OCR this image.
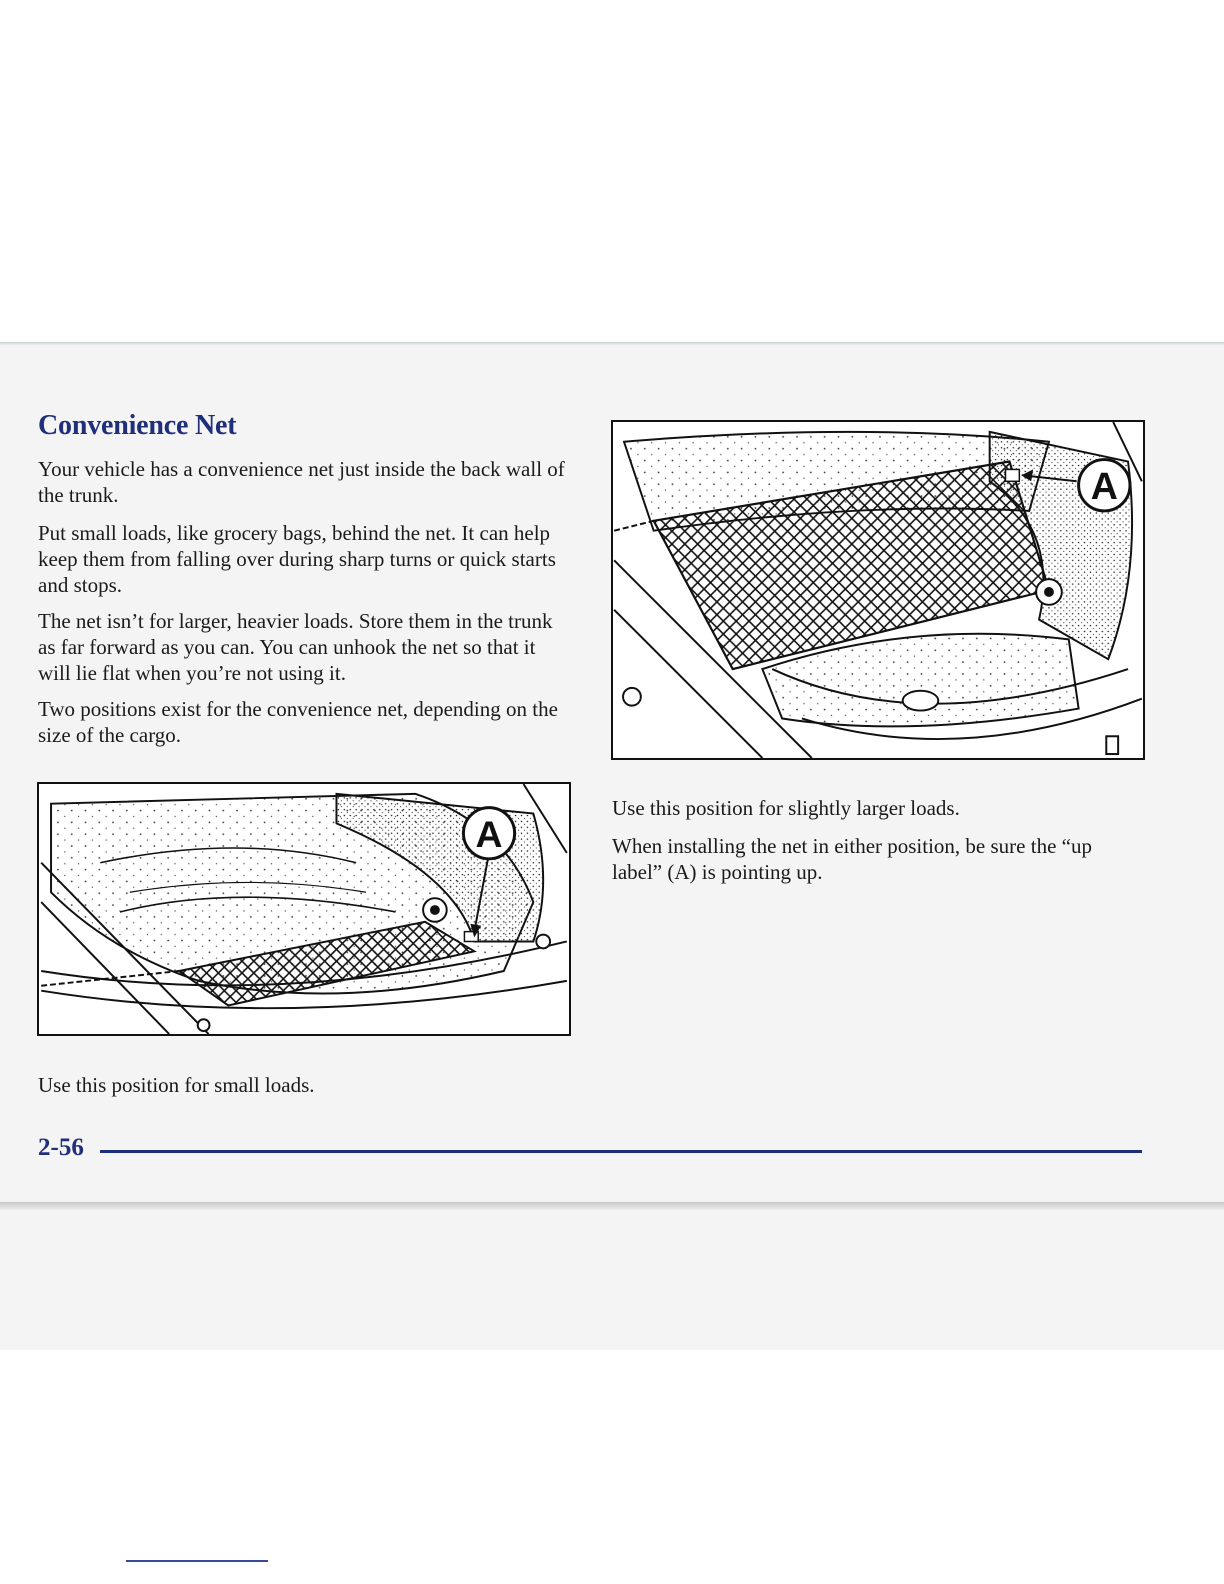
Convenience Net

Your vehicle has a convenience net just inside the back wall of the trunk.

Put small loads, like grocery bags, behind the net. It can help keep them from falling over during sharp turns or quick starts and stops.

The net isn’t for larger, heavier loads. Store them in the trunk as far forward as you can. You can unhook the net so that it will lie flat when you’re not using it.

Two positions exist for the convenience net, depending on the size of the cargo.

A

Use this position for small loads.

A

Use this position for slightly larger loads.

When installing the net in either position, be sure the “up label” (A) is pointing up.

2-56
